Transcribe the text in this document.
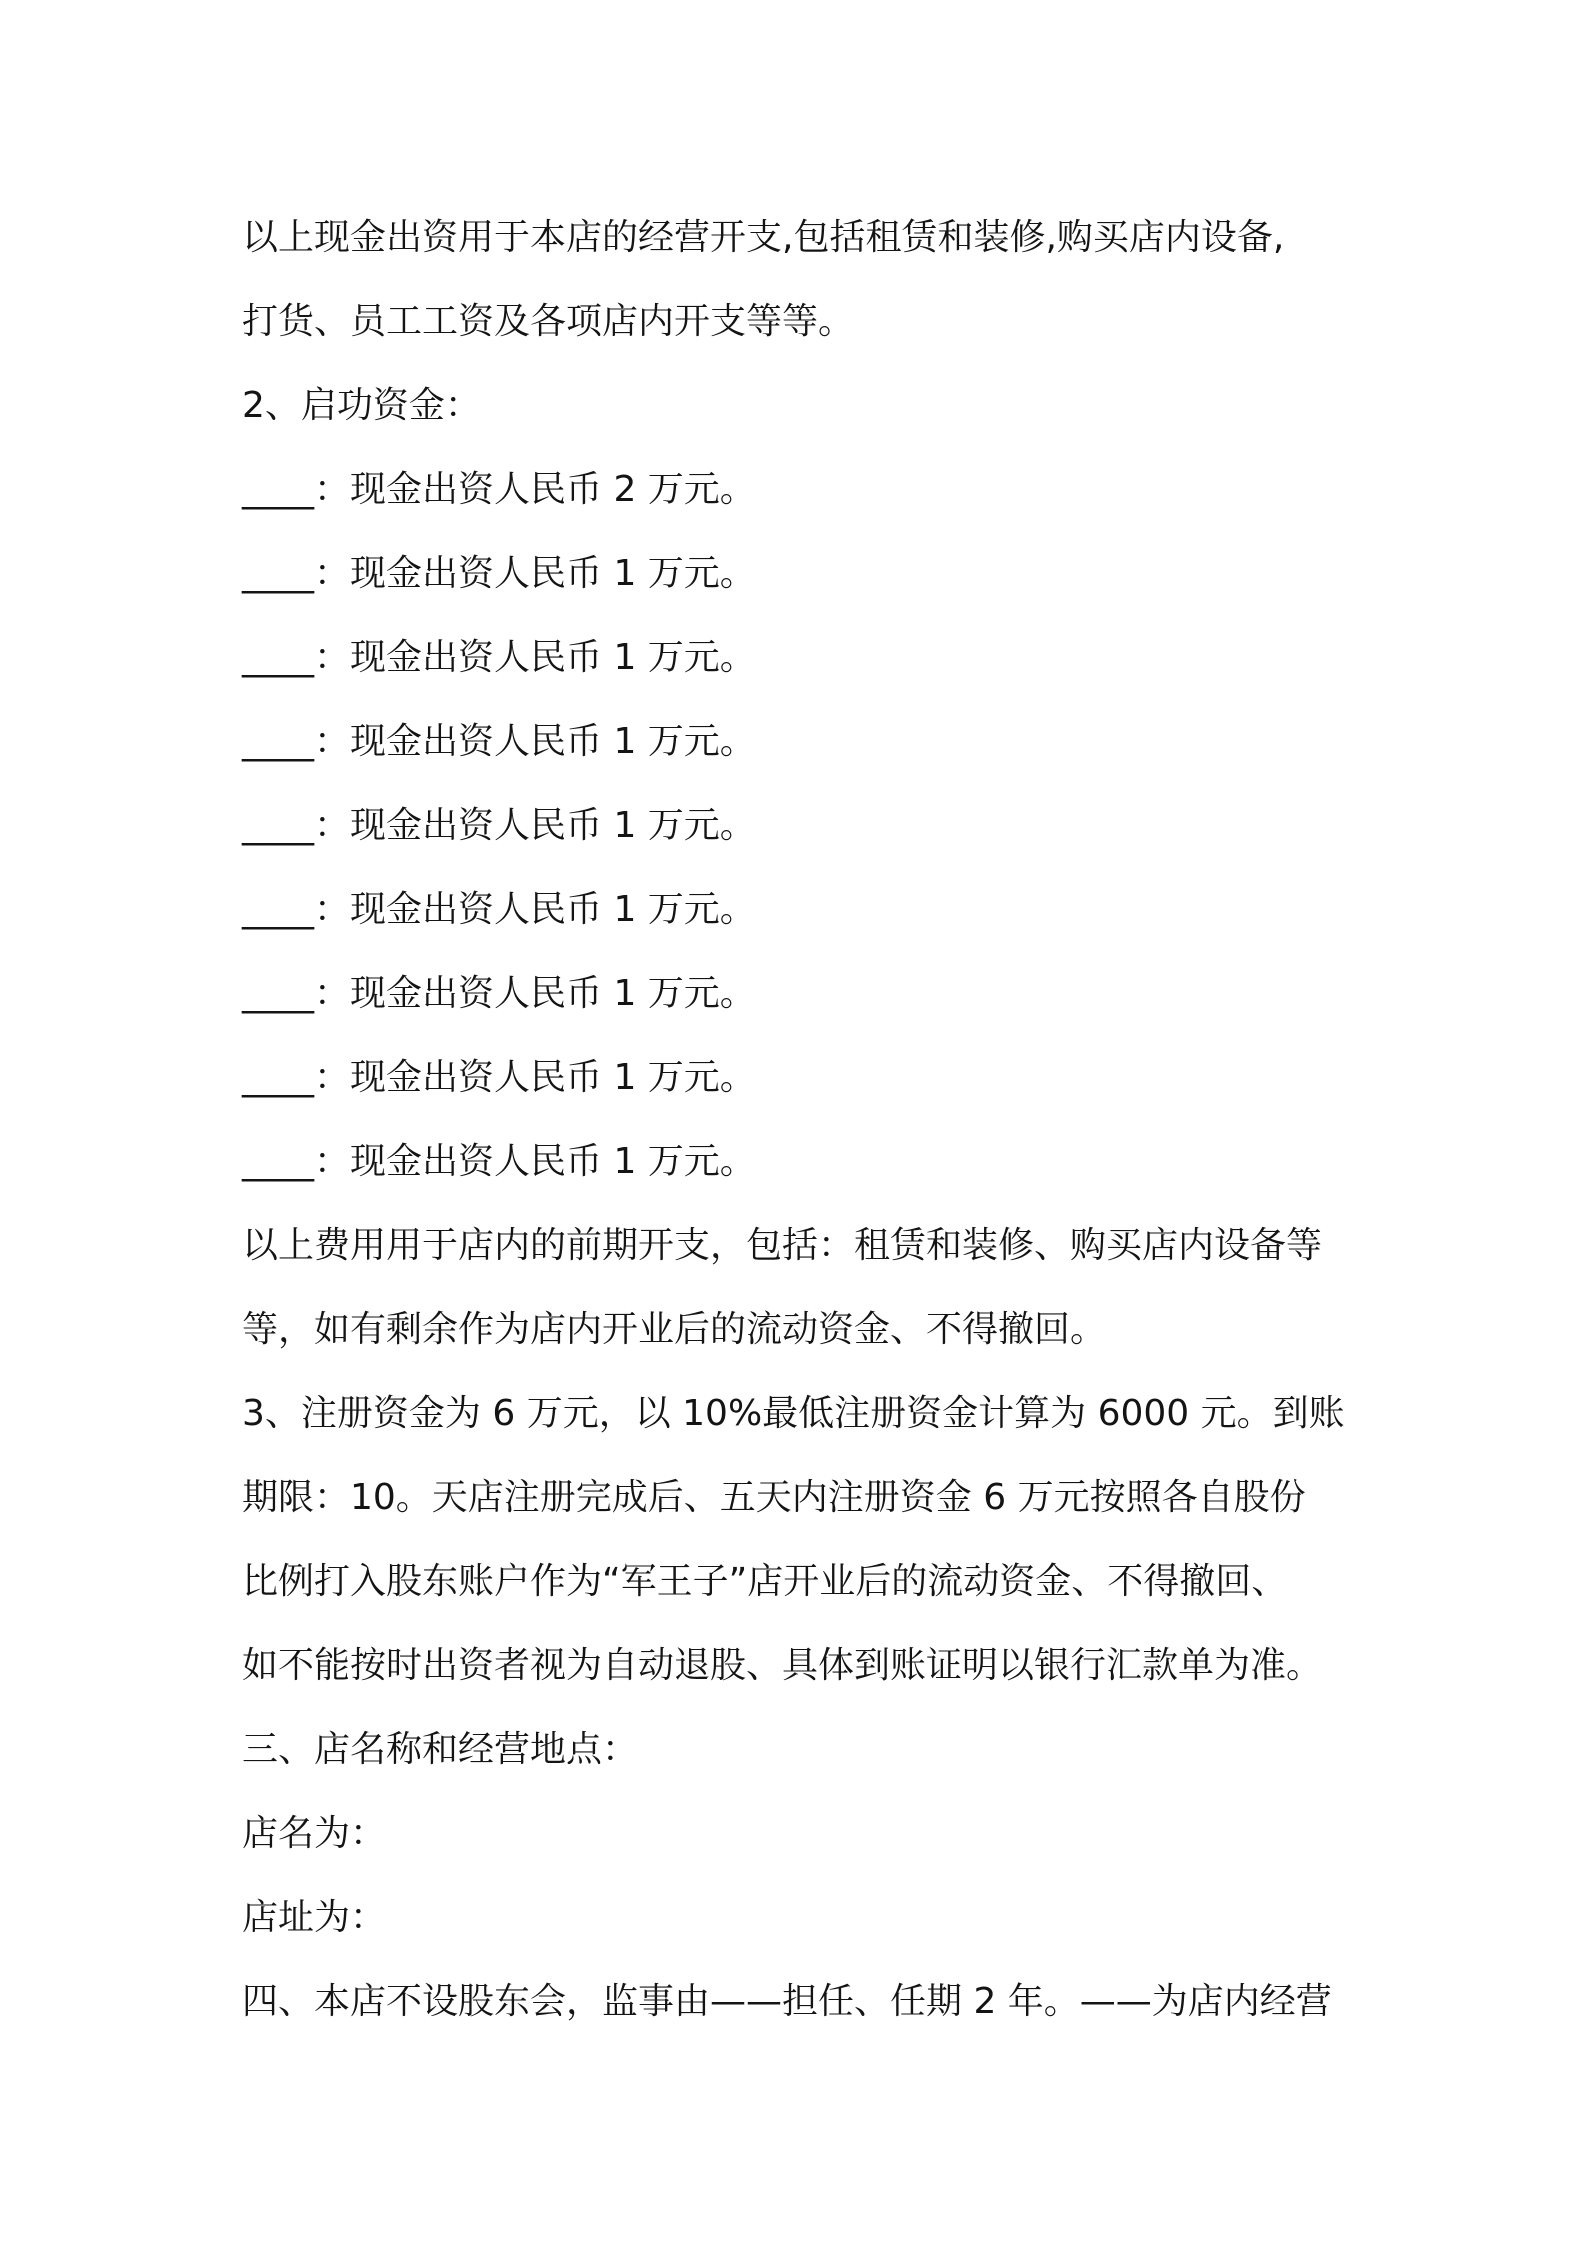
以上现金出资用于本店的经营开支,包括租赁和装修,购买店内设备,
打货、员工工资及各项店内开支等等。
2、启功资金：
____：现金出资人民币 2 万元。
____：现金出资人民币 1 万元。
____：现金出资人民币 1 万元。
____：现金出资人民币 1 万元。
____：现金出资人民币 1 万元。
____：现金出资人民币 1 万元。
____：现金出资人民币 1 万元。
____：现金出资人民币 1 万元。
____：现金出资人民币 1 万元。
以上费用用于店内的前期开支，包括：租赁和装修、购买店内设备等
等，如有剩余作为店内开业后的流动资金、不得撤回。
3、注册资金为 6 万元，以 10%最低注册资金计算为 6000 元。到账
期限：10。天店注册完成后、五天内注册资金 6 万元按照各自股份
比例打入股东账户作为“军王子”店开业后的流动资金、不得撤回、
如不能按时出资者视为自动退股、具体到账证明以银行汇款单为准。
三、店名称和经营地点：
店名为：
店址为：
四、本店不设股东会，监事由——担任、任期 2 年。——为店内经营
